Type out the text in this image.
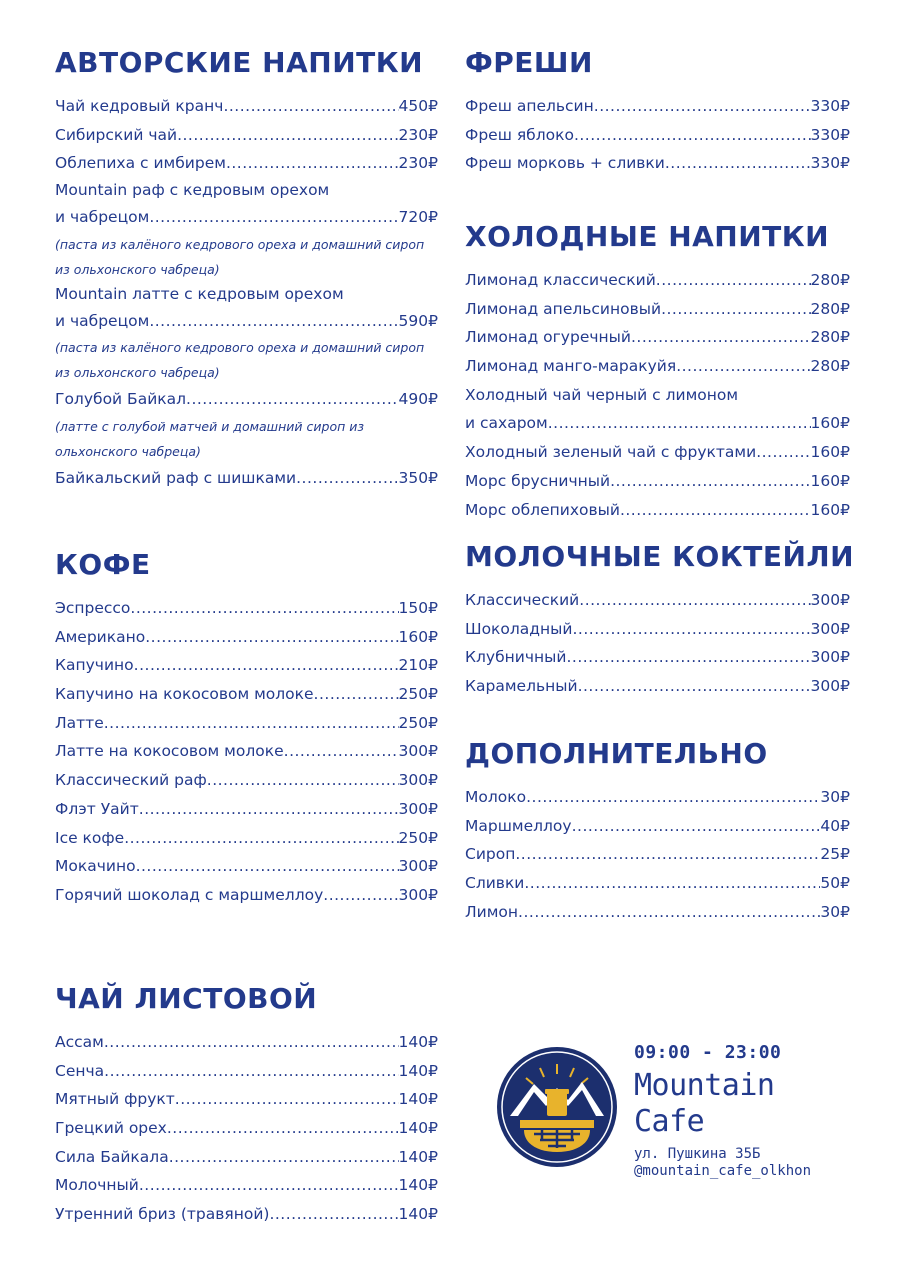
АВТОРСКИЕ НАПИТКИ
Чай кедровый кранч .....	450₽
Сибирский чай .....	230₽
Облепиха с имбирем .....	230₽
Mountain раф с кедровым орехом
и чабрецом .....	720₽
(паста из калёного кедрового ореха и домашний сироп
из ольхонского чабреца)
Mountain латте с кедровым орехом
и чабрецом .....	590₽
(паста из калёного кедрового ореха и домашний сироп
из ольхонского чабреца)
Голубой Байкал .....	490₽
(латте с голубой матчей и домашний сироп из
ольхонского чабреца)
Байкальский раф с шишками .....	350₽
КОФЕ
Эспрессо .....	150₽
Американо .....	160₽
Капучино .....	210₽
Капучино на кокосовом молоке .....	250₽
Латте .....	250₽
Латте на кокосовом молоке .....	300₽
Классический раф .....	300₽
Флэт Уайт .....	300₽
Ice кофе .....	250₽
Мокачино .....	300₽
Горячий шоколад с маршмеллоу .....	300₽
ЧАЙ ЛИСТОВОЙ
Ассам .....	140₽
Сенча .....	140₽
Мятный фрукт .....	140₽
Грецкий орех .....	140₽
Сила Байкала .....	140₽
Молочный .....	140₽
Утренний бриз (травяной) .....	140₽
ФРЕШИ
Фреш апельсин .....	330₽
Фреш яблоко .....	330₽
Фреш морковь + сливки .....	330₽
ХОЛОДНЫЕ НАПИТКИ
Лимонад классический .....	280₽
Лимонад апельсиновый .....	280₽
Лимонад огуречный .....	280₽
Лимонад манго-маракуйя .....	280₽
Холодный чай черный с лимоном
и сахаром .....	160₽
Холодный зеленый чай с фруктами .....	160₽
Морс брусничный .....	160₽
Морс облепиховый .....	160₽
МОЛОЧНЫЕ КОКТЕЙЛИ
Классический .....	300₽
Шоколадный .....	300₽
Клубничный .....	300₽
Карамельный .....	300₽
ДОПОЛНИТЕЛЬНО
Молоко .....	30₽
Маршмеллоу .....	40₽
Сироп .....	25₽
Сливки .....	50₽
Лимон .....	30₽
09:00 - 23:00
Mountain
Cafe
ул. Пушкина 35Б
@mountain_cafe_olkhon
